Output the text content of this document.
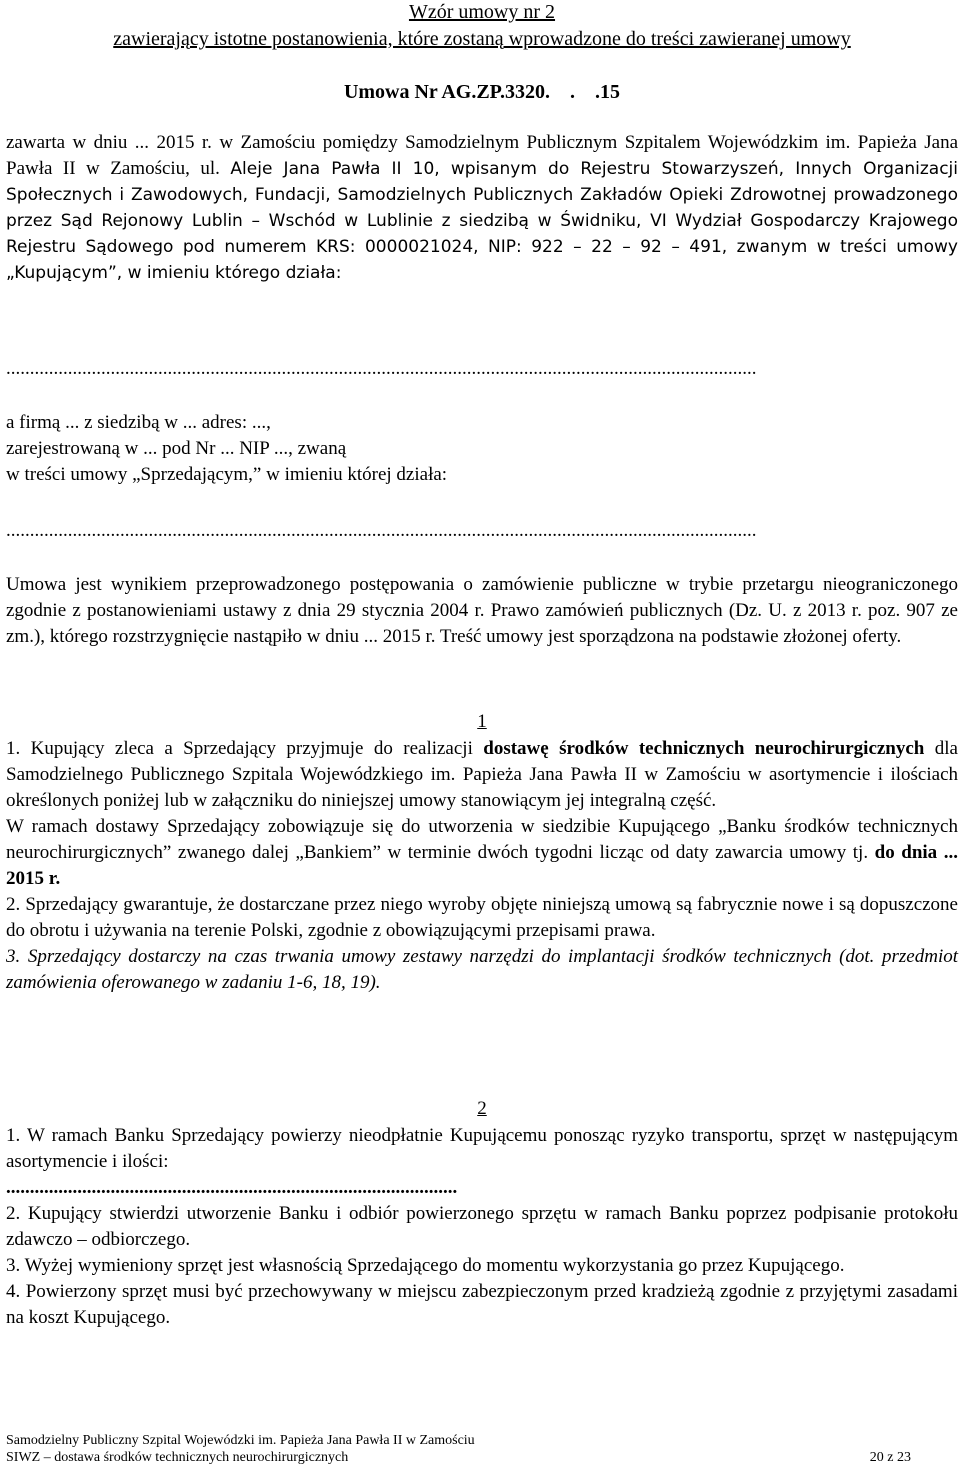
Wzór umowy nr 2
zawierający istotne postanowienia, które zostaną wprowadzone do treści zawieranej umowy
Umowa Nr AG.ZP.3320.    .    .15
zawarta w dniu ... 2015 r. w Zamościu pomiędzy Samodzielnym Publicznym Szpitalem Wojewódzkim im. Papieża Jana Pawła II w Zamościu, ul. Aleje Jana Pawła II 10, wpisanym do Rejestru Stowarzyszeń, Innych Organizacji Społecznych i Zawodowych, Fundacji, Samodzielnych Publicznych Zakładów Opieki Zdrowotnej prowadzonego przez Sąd Rejonowy Lublin – Wschód w Lublinie z siedzibą w Świdniku, VI Wydział Gospodarczy Krajowego Rejestru Sądowego pod numerem KRS: 0000021024, NIP: 922 – 22 – 92 – 491, zwanym w treści umowy „Kupującym”, w imieniu którego działa:
..............................................................................................................................................................

a firmą ... z siedzibą w ... adres: ...,

zarejestrowaną w ... pod Nr ... NIP ..., zwaną

w treści umowy „Sprzedającym,” w imieniu której działa:

..............................................................................................................................................................
Umowa jest wynikiem przeprowadzonego postępowania o zamówienie publiczne w trybie przetargu nieograniczonego zgodnie z postanowieniami ustawy z dnia 29 stycznia 2004 r. Prawo zamówień publicznych (Dz. U. z 2013 r. poz. 907 ze zm.), którego rozstrzygnięcie nastąpiło w dniu ... 2015 r. Treść umowy jest sporządzona na podstawie złożonej oferty.
1

1. Kupujący zleca a Sprzedający przyjmuje do realizacji dostawę środków technicznych neurochirurgicznych dla Samodzielnego Publicznego Szpitala Wojewódzkiego im. Papieża Jana Pawła II w Zamościu w asortymencie i ilościach określonych poniżej lub w załączniku do niniejszej umowy stanowiącym jej integralną część.

W ramach dostawy Sprzedający zobowiązuje się do utworzenia w siedzibie Kupującego „Banku środków technicznych neurochirurgicznych” zwanego dalej „Bankiem” w terminie dwóch tygodni licząc od daty zawarcia umowy tj. do dnia ... 2015 r.

2. Sprzedający gwarantuje, że dostarczane przez niego wyroby objęte niniejszą umową są fabrycznie nowe i są dopuszczone do obrotu i używania na terenie Polski, zgodnie z obowiązującymi przepisami prawa.

3. Sprzedający dostarczy na czas trwania umowy zestawy narzędzi do implantacji środków technicznych (dot. przedmiot zamówienia oferowanego w zadaniu 1-6, 18, 19).

2

1. W ramach Banku Sprzedający powierzy nieodpłatnie Kupującemu ponosząc ryzyko transportu, sprzęt w następującym asortymencie i ilości:

...............................................................................................

2. Kupujący stwierdzi utworzenie Banku i odbiór powierzonego sprzętu w ramach Banku poprzez podpisanie protokołu zdawczo – odbiorczego.

3. Wyżej wymieniony sprzęt jest własnością Sprzedającego do momentu wykorzystania go przez Kupującego.

4. Powierzony sprzęt musi być przechowywany w miejscu zabezpieczonym przed kradzieżą zgodnie z przyjętymi zasadami na koszt Kupującego.

Samodzielny Publiczny Szpital Wojewódzki im. Papieża Jana Pawła II w Zamościu
SIWZ – dostawa środków technicznych neurochirurgicznych	20 z 23
